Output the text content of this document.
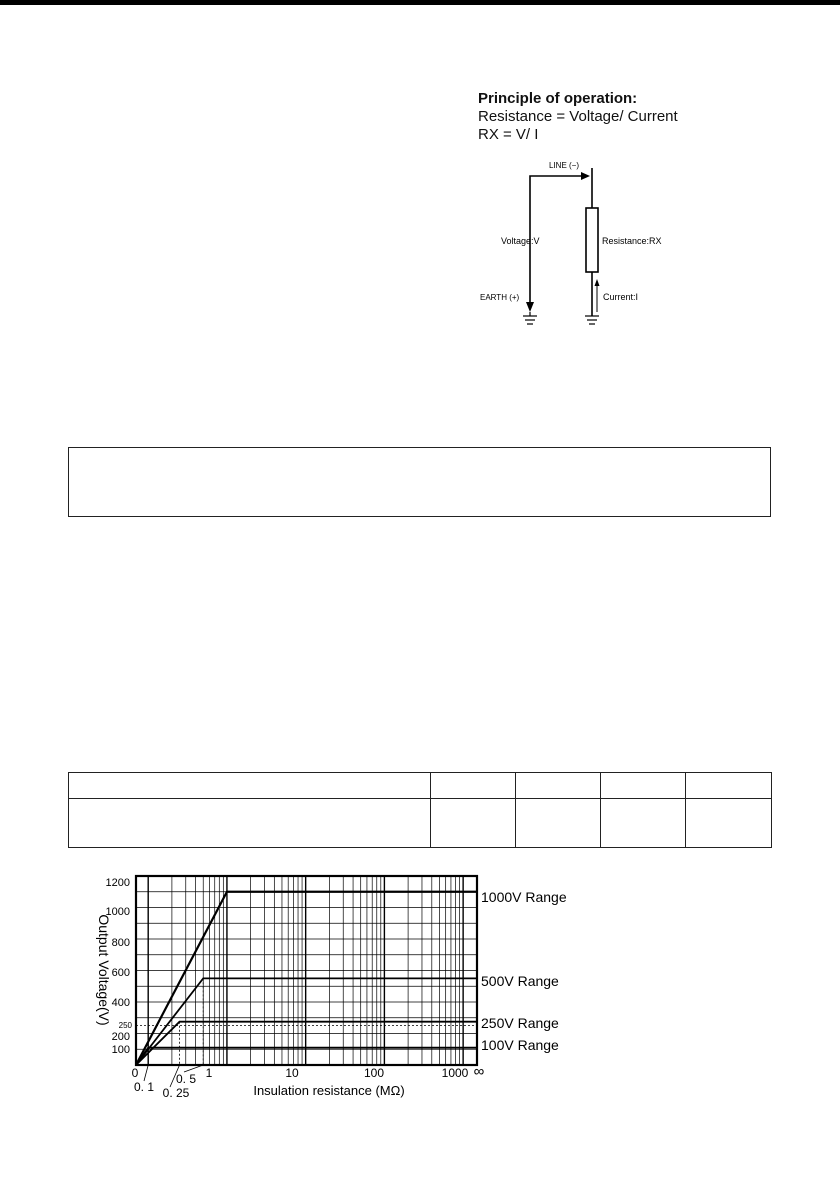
Principle of operation:
Resistance = Voltage/ Current
RX = V/ I
LINE (−)
Voltage:V	Resistance:RX
EARTH (+)	Current:I

0	1	10	100	1000 ∞
1200
1000
800
600
400
250
200
100
0. 1
0. 5
0. 25	Insulation resistance (MΩ)
Output Voltage(V)
1000V Range
500V Range
250V Range
100V Range
